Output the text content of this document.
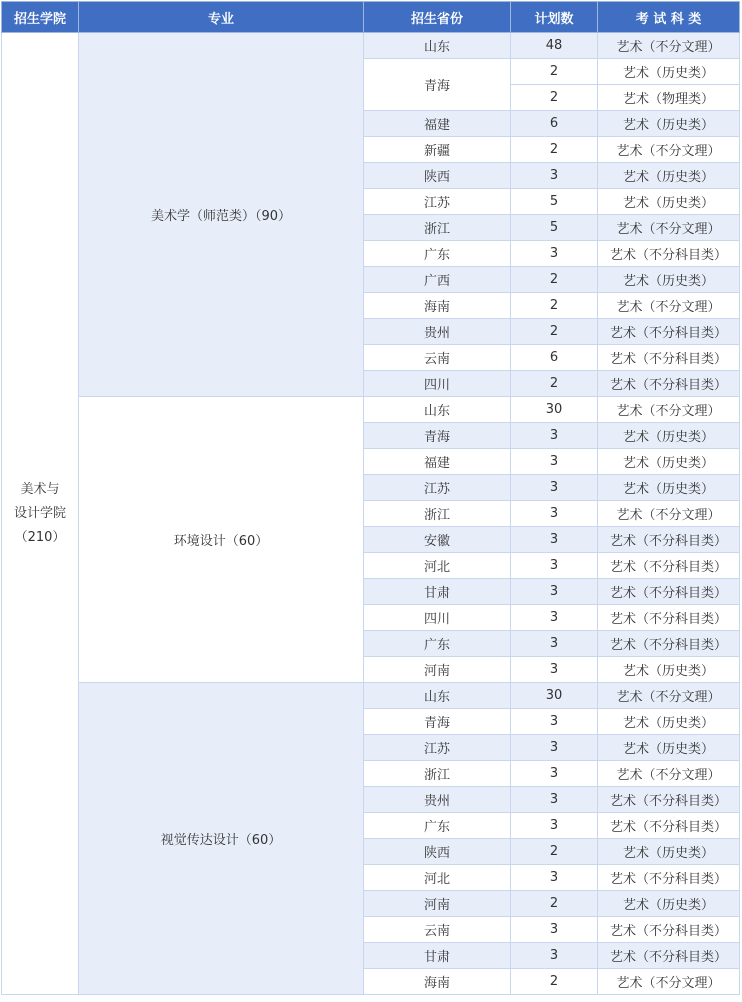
招生学院	专业	招生省份	计划数	考 试 科 类

美术与
设计学院
（210）	美术学（师范类）（90）	山东	48	艺术（不分文理）
		青海	2	艺术（历史类）
			2	艺术（物理类）
		福建	6	艺术（历史类）
		新疆	2	艺术（不分文理）
		陕西	3	艺术（历史类）
		江苏	5	艺术（历史类）
		浙江	5	艺术（不分文理）
		广东	3	艺术（不分科目类）
		广西	2	艺术（历史类）
		海南	2	艺术（不分文理）
		贵州	2	艺术（不分科目类）
		云南	6	艺术（不分科目类）
		四川	2	艺术（不分科目类）
	环境设计（60）	山东	30	艺术（不分文理）
		青海	3	艺术（历史类）
		福建	3	艺术（历史类）
		江苏	3	艺术（历史类）
		浙江	3	艺术（不分文理）
		安徽	3	艺术（不分科目类）
		河北	3	艺术（不分科目类）
		甘肃	3	艺术（不分科目类）
		四川	3	艺术（不分科目类）
		广东	3	艺术（不分科目类）
		河南	3	艺术（历史类）
	视觉传达设计（60）	山东	30	艺术（不分文理）
		青海	3	艺术（历史类）
		江苏	3	艺术（历史类）
		浙江	3	艺术（不分文理）
		贵州	3	艺术（不分科目类）
		广东	3	艺术（不分科目类）
		陕西	2	艺术（历史类）
		河北	3	艺术（不分科目类）
		河南	2	艺术（历史类）
		云南	3	艺术（不分科目类）
		甘肃	3	艺术（不分科目类）
		海南	2	艺术（不分文理）
